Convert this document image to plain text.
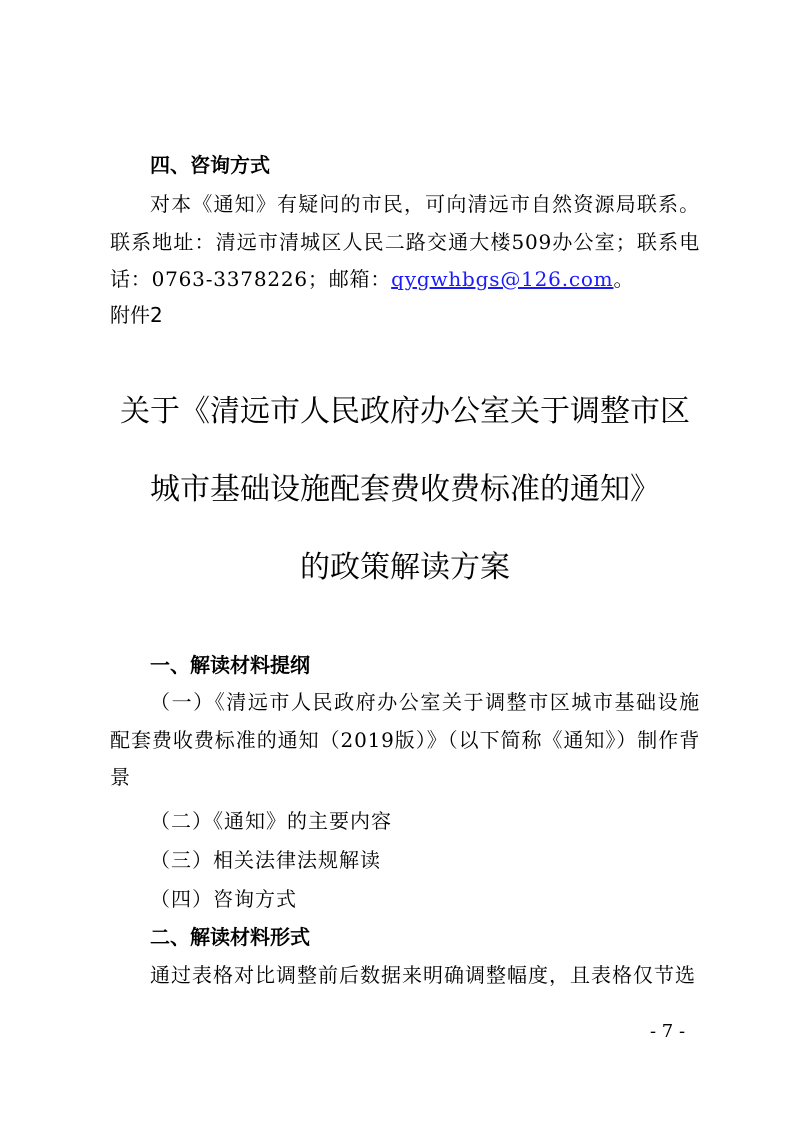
四、咨询方式
对本《通知》有疑问的市民，可向清远市自然资源局联系。联系地址：清远市清城区人民二路交通大楼509办公室；联系电话：0763-3378226；邮箱：qygwhbgs@126.com。
附件2
关于《清远市人民政府办公室关于调整市区
城市基础设施配套费收费标准的通知》
的政策解读方案
一、解读材料提纲
（一）《清远市人民政府办公室关于调整市区城市基础设施配套费收费标准的通知（2019版）》（以下简称《通知》）制作背景
（二）《通知》的主要内容
（三）相关法律法规解读
（四）咨询方式
二、解读材料形式
通过表格对比调整前后数据来明确调整幅度，且表格仅节选
- 7 -
